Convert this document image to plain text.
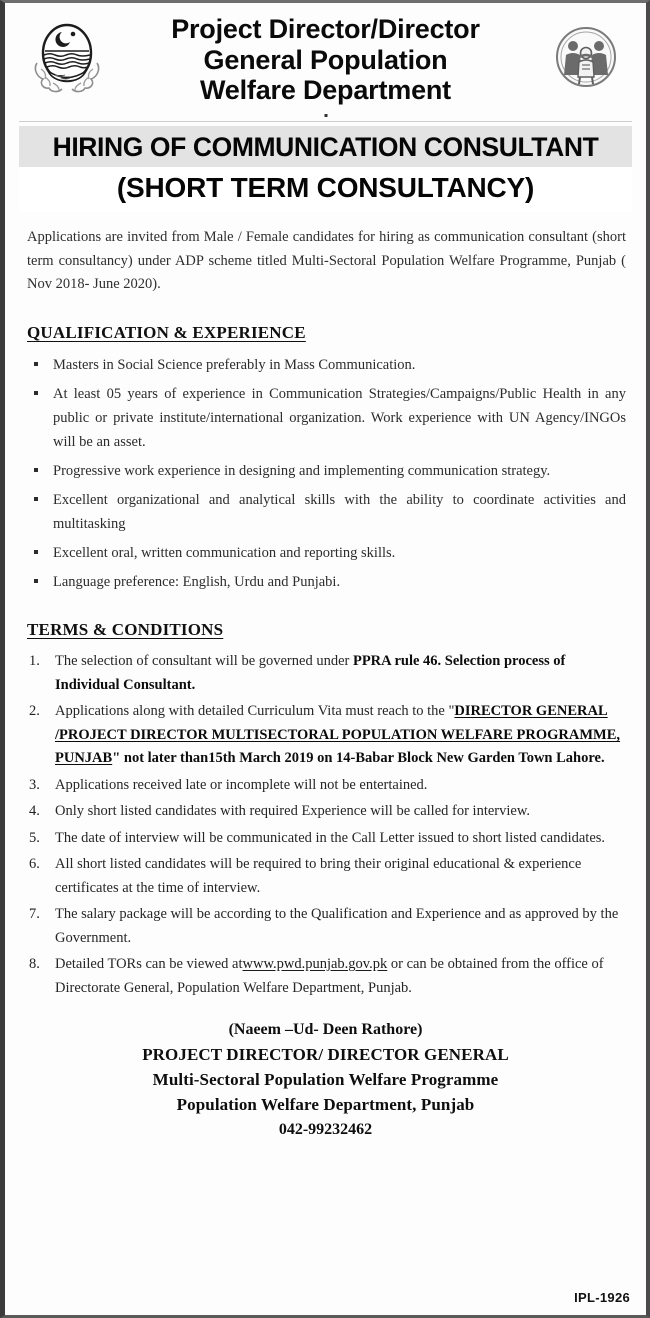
Project Director/Director
General Population
Welfare Department
HIRING OF COMMUNICATION CONSULTANT
(SHORT TERM CONSULTANCY)

Applications are invited from Male / Female candidates for hiring as communication consultant (short term consultancy) under ADP scheme titled Multi-Sectoral Population Welfare Programme, Punjab ( Nov 2018- June 2020).

QUALIFICATION & EXPERIENCE
Masters in Social Science preferably in Mass Communication.
At least 05 years of experience in Communication Strategies/Campaigns/Public Health in any public or private institute/international organization. Work experience with UN Agency/INGOs will be an asset.
Progressive work experience in designing and implementing communication strategy.
Excellent organizational and analytical skills with the ability to coordinate activities and multitasking
Excellent oral, written communication and reporting skills.
Language preference: English, Urdu and Punjabi.
TERMS & CONDITIONS
1. The selection of consultant will be governed under PPRA rule 46. Selection process of Individual Consultant.
2. Applications along with detailed Curriculum Vita must reach to the "DIRECTOR GENERAL /PROJECT DIRECTOR MULTISECTORAL POPULATION WELFARE PROGRAMME, PUNJAB" not later than15th March 2019 on 14-Babar Block New Garden Town Lahore.
3. Applications received late or incomplete will not be entertained.
4. Only short listed candidates with required Experience will be called for interview.
5. The date of interview will be communicated in the Call Letter issued to short listed candidates.
6. All short listed candidates will be required to bring their original educational & experience certificates at the time of interview.
7. The salary package will be according to the Qualification and Experience and as approved by the Government.
8. Detailed TORs can be viewed atwww.pwd.punjab.gov.pk or can be obtained from the office of Directorate General, Population Welfare Department, Punjab.
(Naeem –Ud- Deen Rathore)
PROJECT DIRECTOR/ DIRECTOR GENERAL
Multi-Sectoral Population Welfare Programme
Population Welfare Department, Punjab
042-99232462
IPL-1926
